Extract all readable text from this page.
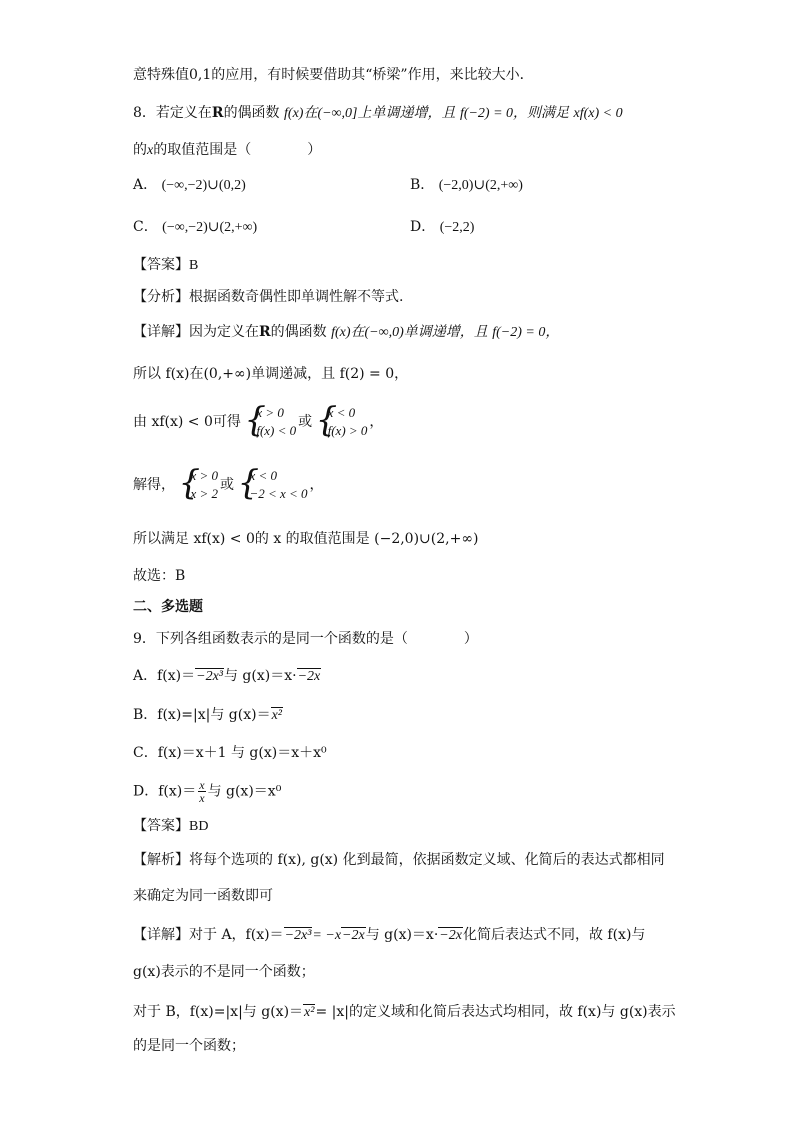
意特殊值0,1的应用，有时候要借助其“桥梁”作用，来比较大小．
8．若定义在R的偶函数 f(x)在(−∞,0]上单调递增，且 f(−2) = 0，则满足 xf(x) < 0
的x的取值范围是（　　　　）
A． (−∞,−2)∪(0,2)	B． (−2,0)∪(2,+∞)
C． (−∞,−2)∪(2,+∞)	D． (−2,2)
【答案】B
【分析】根据函数奇偶性即单调性解不等式.
【详解】因为定义在R的偶函数 f(x)在(−∞,0)单调递增，且 f(−2) = 0，
所以 f(x)在(0,+∞)单调递减，且 f(2) = 0，
由 xf(x) < 0可得
{ x > 0
f(x) < 0
或
{ x < 0
f(x) > 0
，
解得，
{ x > 0
x > 2
或
{ x < 0
−2 < x < 0
，
所以满足 xf(x) < 0的 x 的取值范围是 (−2,0)∪(2,+∞)
故选：B
二、多选题
9．下列各组函数表示的是同一个函数的是（　　　　）
A．f(x)＝−2x³与 g(x)＝x·−2x
B．f(x)=|x|与 g(x)＝x²
C．f(x)＝x＋1 与 g(x)＝x＋x⁰
D．$f(x)= \frac{x}{x}$ 与 g(x)＝x⁰
【答案】BD
【解析】将每个选项的 f(x), g(x) 化到最简，依据函数定义域、化简后的表达式都相同
来确定为同一函数即可
【详解】对于 A，f(x)＝−2x³= −x−2x与 g(x)＝x·−2x化简后表达式不同，故 f(x)与
g(x)表示的不是同一个函数；
对于 B，f(x)=|x|与 g(x)＝x²= |x|的定义域和化简后表达式均相同，故 f(x)与 g(x)表示
的是同一个函数；
